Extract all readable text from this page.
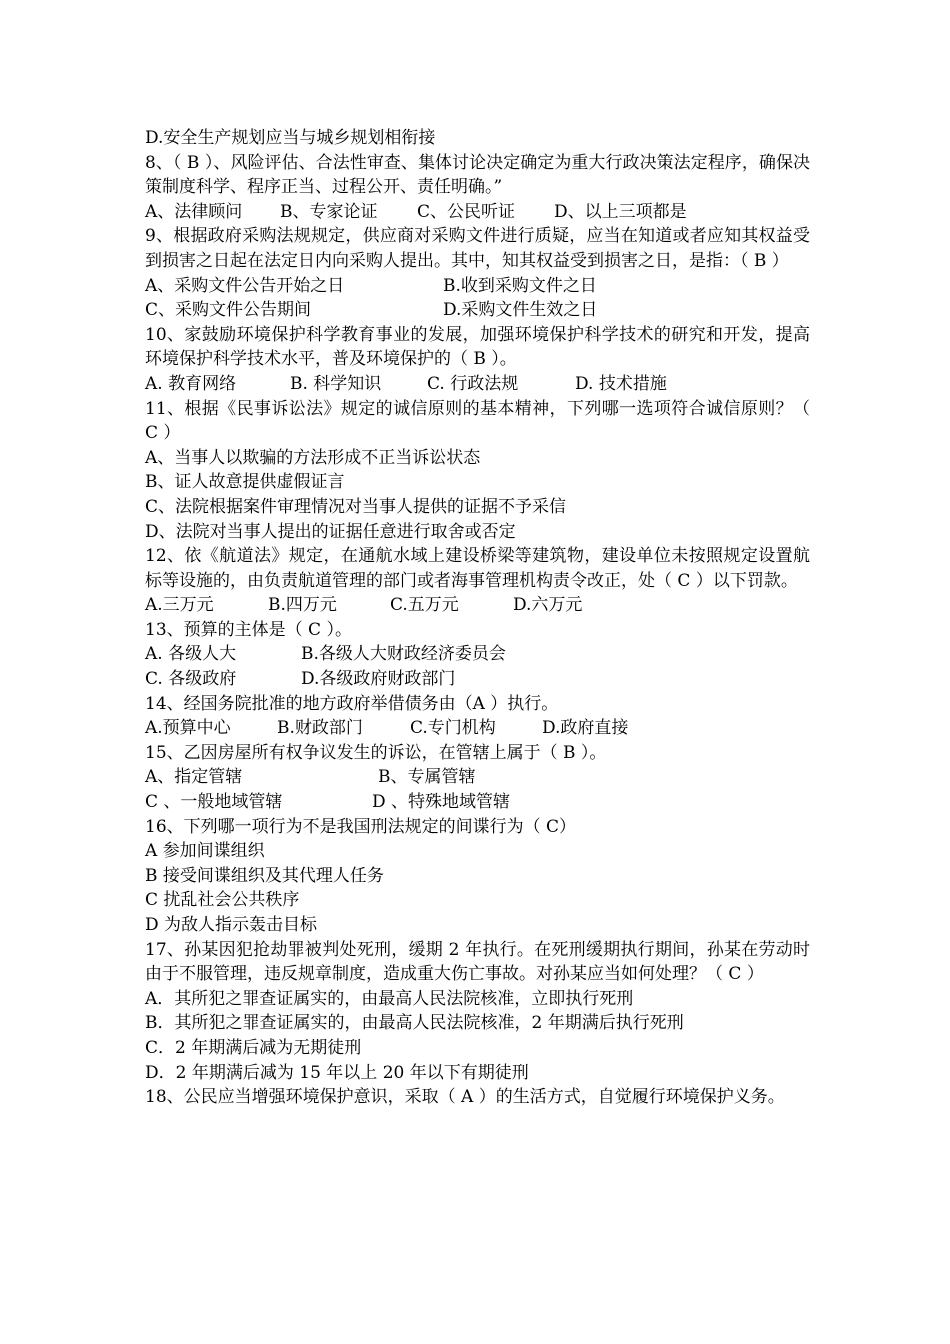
D.安全生产规划应当与城乡规划相衔接
8、（ B ）、风险评估、合法性审查、集体讨论决定确定为重大行政决策法定程序，确保决策制度科学、程序正当、过程公开、责任明确。”
A、法律顾问	B、专家论证	C、公民听证	D、以上三项都是
9、根据政府采购法规规定，供应商对采购文件进行质疑，应当在知道或者应知其权益受到损害之日起在法定日内向采购人提出。其中，知其权益受到损害之日，是指：（ B ）
A、采购文件公告开始之日	B.收到采购文件之日
C、采购文件公告期间	D.采购文件生效之日
10、家鼓励环境保护科学教育事业的发展，加强环境保护科学技术的研究和开发，提高环境保护科学技术水平，普及环境保护的（ B ）。
A. 教育网络	B. 科学知识	C. 行政法规	D. 技术措施
11、根据《民事诉讼法》规定的诚信原则的基本精神，下列哪一选项符合诚信原则？（ C ）
A、当事人以欺骗的方法形成不正当诉讼状态
B、证人故意提供虚假证言
C、法院根据案件审理情况对当事人提供的证据不予采信
D、法院对当事人提出的证据任意进行取舍或否定
12、依《航道法》规定，在通航水域上建设桥梁等建筑物，建设单位未按照规定设置航标等设施的，由负责航道管理的部门或者海事管理机构责令改正，处（ C ）以下罚款。
A.三万元	B.四万元	C.五万元	D.六万元
13、预算的主体是（ C ）。
A. 各级人大	B.各级人大财政经济委员会
C. 各级政府	D.各级政府财政部门
14、经国务院批准的地方政府举借债务由（A ）执行。
A.预算中心	B.财政部门	C.专门机构	D.政府直接
15、乙因房屋所有权争议发生的诉讼，在管辖上属于（ B ）。
A、指定管辖	B、专属管辖
C 、一般地域管辖	D 、特殊地域管辖
16、下列哪一项行为不是我国刑法规定的间谍行为（ C）
A 参加间谍组织
B 接受间谍组织及其代理人任务
C 扰乱社会公共秩序
D 为敌人指示轰击目标
17、孙某因犯抢劫罪被判处死刑，缓期 2 年执行。在死刑缓期执行期间，孙某在劳动时由于不服管理，违反规章制度，造成重大伤亡事故。对孙某应当如何处理？（ C ）
A．其所犯之罪查证属实的，由最高人民法院核准，立即执行死刑
B．其所犯之罪查证属实的，由最高人民法院核准，2 年期满后执行死刑
C．2 年期满后减为无期徒刑
D．2 年期满后减为 15 年以上 20 年以下有期徒刑
18、公民应当增强环境保护意识，采取（ A ）的生活方式，自觉履行环境保护义务。
